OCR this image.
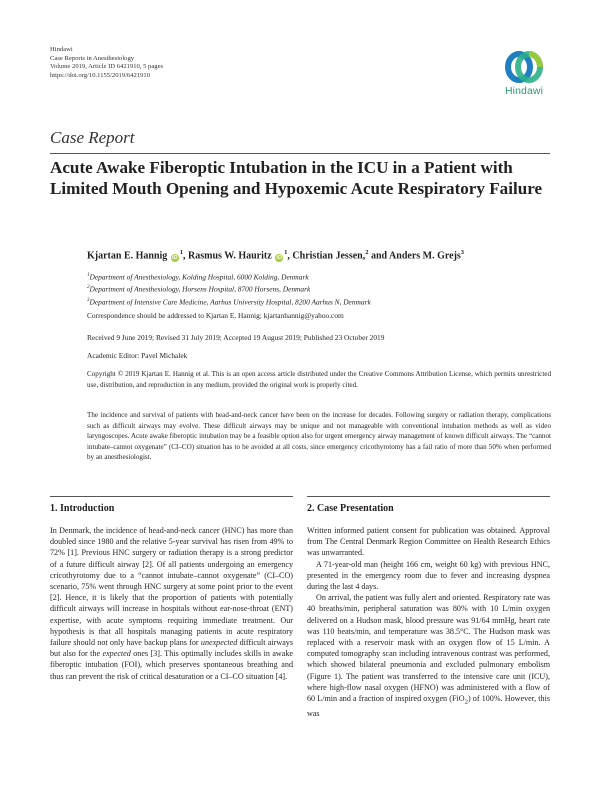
Hindawi
Case Reports in Anesthesiology
Volume 2019, Article ID 6421910, 5 pages
https://doi.org/10.1155/2019/6421910
Hindawi
Case Report
Acute Awake Fiberoptic Intubation in the ICU in a Patient with Limited Mouth Opening and Hypoxemic Acute Respiratory Failure
Kjartan E. Hannig $iD^1$, Rasmus W. Hauritz $iD^1$, Christian Jessen,$^2$ and Anders M. Grejs$^3$
$^1$Department of Anesthesiology, Kolding Hospital, 6000 Kolding, Denmark
$^2$Department of Anesthesiology, Horsens Hospital, 8700 Horsens, Denmark
$^3$Department of Intensive Care Medicine, Aarhus University Hospital, 8200 Aarhus N, Denmark
Correspondence should be addressed to Kjartan E. Hannig; kjartanhannig@yahoo.com
Received 9 June 2019; Revised 31 July 2019; Accepted 19 August 2019; Published 23 October 2019
Academic Editor: Pavel Michalek
Copyright © 2019 Kjartan E. Hannig et al. This is an open access article distributed under the Creative Commons Attribution License, which permits unrestricted use, distribution, and reproduction in any medium, provided the original work is properly cited.
The incidence and survival of patients with head-and-neck cancer have been on the increase for decades. Following surgery or radiation therapy, complications such as difficult airways may evolve. These difficult airways may be unique and not manageable with conventional intubation methods as well as video laryngoscopes. Acute awake fiberoptic intubation may be a feasible option also for urgent emergency airway management of known difficult airways. The “cannot intubate–cannot oxygenate” (CI–CO) situation has to be avoided at all costs, since emergency cricothyrotomy has a fail ratio of more than 50% when performed by an anesthesiologist.
1. Introduction

In Denmark, the incidence of head-and-neck cancer (HNC) has more than doubled since 1980 and the relative 5-year survival has risen from 49% to 72% [1]. Previous HNC surgery or radiation therapy is a strong predictor of a future difficult airway [2]. Of all patients undergoing an emergency cricothyrotomy due to a “cannot intubate–cannot oxygenate” (CI–CO) scenario, 75% went through HNC surgery at some point prior to the event [2]. Hence, it is likely that the proportion of patients with potentially difficult airways will increase in hospitals without ear-nose-throat (ENT) expertise, with acute symptoms requiring immediate treatment. Our hypothesis is that all hospitals managing patients in acute respiratory failure should not only have backup plans for unexpected difficult airways but also for the expected ones [3]. This optimally includes skills in awake fiberoptic intubation (FOI), which preserves spontaneous breathing and thus can prevent the risk of critical desaturation or a CI–CO situation [4].

2. Case Presentation

Written informed patient consent for publication was obtained. Approval from The Central Denmark Region Committee on Health Research Ethics was unwarranted.

A 71-year-old man (height 166 cm, weight 60 kg) with previous HNC, presented in the emergency room due to fever and increasing dyspnea during the last 4 days.

On arrival, the patient was fully alert and oriented. Respiratory rate was 40 breaths/min, peripheral saturation was 80% with 10 L/min oxygen delivered on a Hudson mask, blood pressure was 91/64 mmHg, heart rate was 110 beats/min, and temperature was 38.5°C. The Hudson mask was replaced with a reservoir mask with an oxygen flow of 15 L/min. A computed tomography scan including intravenous contrast was performed, which showed bilateral pneumonia and excluded pulmonary embolism (Figure 1). The patient was transferred to the intensive care unit (ICU), where high-flow nasal oxygen (HFNO) was administered with a flow of 60 L/min and a fraction of inspired oxygen (FiO$_2$) of 100%. However, this was
